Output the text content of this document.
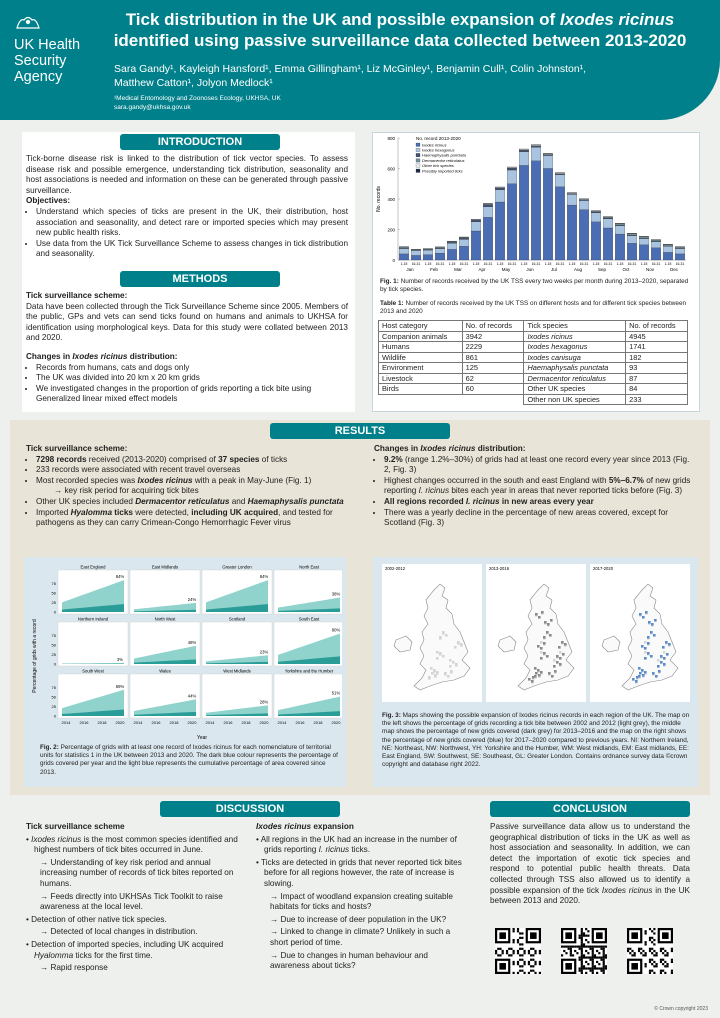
UK Health
Security
Agency
Tick distribution in the UK and possible expansion of Ixodes ricinus
identified using passive surveillance data collected between 2013-2020
Sara Gandy¹, Kayleigh Hansford¹, Emma Gillingham¹, Liz McGinley¹, Benjamin Cull¹, Colin Johnston¹,
Matthew Catton¹, Jolyon Medlock¹
¹Medical Entomology and Zoonoses Ecology, UKHSA, UK
sara.gandy@ukhsa.gov.uk
INTRODUCTION

Tick-borne disease risk is linked to the distribution of tick vector species. To assess disease risk and possible emergence, understanding tick distribution, seasonality and host associations is needed and information on these can be generated through passive surveillance.

Objectives:

• Understand which species of ticks are present in the UK, their distribution, host association and seasonality, and detect rare or imported species which may present new public health risks.
• Use data from the UK Tick Surveillance Scheme to assess changes in tick distribution and seasonality.
METHODS

Tick surveillance scheme:

Data have been collected through the Tick Surveillance Scheme since 2005. Members of the public, GPs and vets can send ticks found on humans and animals to UKHSA for identification using morphological keys. Data for this study were collated between 2013 and 2020.

Changes in Ixodes ricinus distribution:

• Records from humans, cats and dogs only
• The UK was divided into 20 km x 20 km grids
• We investigated changes in the proportion of grids reporting a tick bite using Generalized linear mixed effect models
No. records
0
200
400
600
800
1-15 16-31 1-15 16-31 1-15 16-31 1-15 16-31 1-15 16-31 1-15 16-31 1-15 16-31 1-15 16-31 1-15 16-31 1-15 16-31 1-15 16-31 1-15 16-31
Jan	Feb	Mar	Apr	May	Jun	Jul	Aug	Sep	Oct	Nov	Dec
No. record 2013-2020
Ixodes ricinus
Ixodes hexagonus
Haemaphysalis punctata
Dermacentor reticulatus
Other tick species
Possibly imported ticks
Fig. 1: Number of records received by the UK TSS every two weeks per month during 2013–2020, separated by tick species.
Table 1: Number of records received by the UK TSS on different hosts and for different tick species between 2013 and 2020
Host category	No. of records	Tick species	No. of records
Companion animals	3942	Ixodes ricinus	4945
Humans	2229	Ixodes hexagonus	1741
Wildlife	861	Ixodes canisuga	182
Environment	125	Haemaphysalis punctata	93
Livestock	62	Dermacentor reticulatus	87
Birds	60	Other UK species	84
		Other non UK species	233
RESULTS

Tick surveillance scheme:

• 7298 records received (2013-2020) comprised of 37 species of ticks
• 233 records were associated with recent travel overseas
• Most recorded species was Ixodes ricinus with a peak in May-June (Fig. 1)
→ key risk period for acquiring tick bites
• Other UK species included Dermacentor reticulatus and Haemaphysalis punctata
• Imported Hyalomma ticks were detected, including UK acquired, and tested for pathogens as they can carry Crimean-Congo Hemorrhagic Fever virus

Changes in Ixodes ricinus distribution:

• 9.2% (range 1.2%–30%) of grids had at least one record every year since 2013 (Fig. 2, Fig. 3)
• Highest changes occurred in the south and east England with 5%–6.7% of new grids reporting I. ricinus bites each year in areas that never reported ticks before (Fig. 3)
• All regions recorded I. ricinus in new areas every year
• There was a yearly decline in the percentage of new areas covered, except for Scotland (Fig. 3)
Percentage of grids with a record
Year
East England
84%
0
25
50
75
East Midlands
24%
Greater London
84%
North East
38%
Northern Ireland
3%
0
25
50
75
North West
48%
Scotland
23%
South East
80%
South West
69%
0
25
50
75
2014 2016 2018 2020
Wales
44%
2014 2016 2018 2020
West Midlands
28%
2014 2016 2018 2020
Yorkshire and the Humber
51%
2014 2016 2018 2020
Fig. 2: Percentage of grids with at least one record of Ixodes ricinus for each nomenclature of territorial units for statistics 1 in the UK between 2013 and 2020. The dark blue colour represents the percentage of grids covered per year and the light blue represents the cumulative percentage of area covered since 2013.
2002-2012	2013-2016	2017-2020
Fig. 3: Maps showing the possible expansion of Ixodes ricinus records in each region of the UK. The map on the left shows the percentage of grids recording a tick bite between 2002 and 2012 (light grey), the middle map shows the percentage of new grids covered (dark grey) for 2013–2016 and the map on the right shows the percentage of new grids covered (blue) for 2017–2020 compared to previous years. NI: Northern Ireland, NE: Northeast, NW: Northwest, YH: Yorkshire and the Humber, WM: West midlands, EM: East midlands, EE: East England, SW: Southwest, SE: Southeast, GL: Greater London. Contains ordnance survey data ©crown copyright and database right 2022.
DISCUSSION

Tick surveillance scheme

• Ixodes ricinus is the most common species identified and highest numbers of tick bites occurred in June.

→ Understanding of key risk period and annual increasing number of records of tick bites reported on humans.

→ Feeds directly into UKHSAs Tick Toolkit to raise awareness at the local level.

• Detection of other native tick species.

→ Detected of local changes in distribution.

• Detection of imported species, including UK acquired Hyalomma ticks for the first time.

→ Rapid response

Ixodes ricinus expansion

• All regions in the UK had an increase in the number of grids reporting I. ricinus ticks.

• Ticks are detected in grids that never reported tick bites before for all regions however, the rate of increase is slowing.

→ Impact of woodland expansion creating suitable habitats for ticks and hosts?

→ Due to increase of deer population in the UK?

→ Linked to change in climate? Unlikely in such a short period of time.

→ Due to changes in human behaviour and awareness about ticks?

CONCLUSION
Passive surveillance data allow us to understand the geographical distribution of ticks in the UK as well as host association and seasonality. In addition, we can detect the importation of exotic tick species and respond to potential public health threats. Data collected through TSS also allowed us to identify a possible expansion of the tick Ixodes ricinus in the UK between 2013 and 2020.
© Crown copyright 2023
